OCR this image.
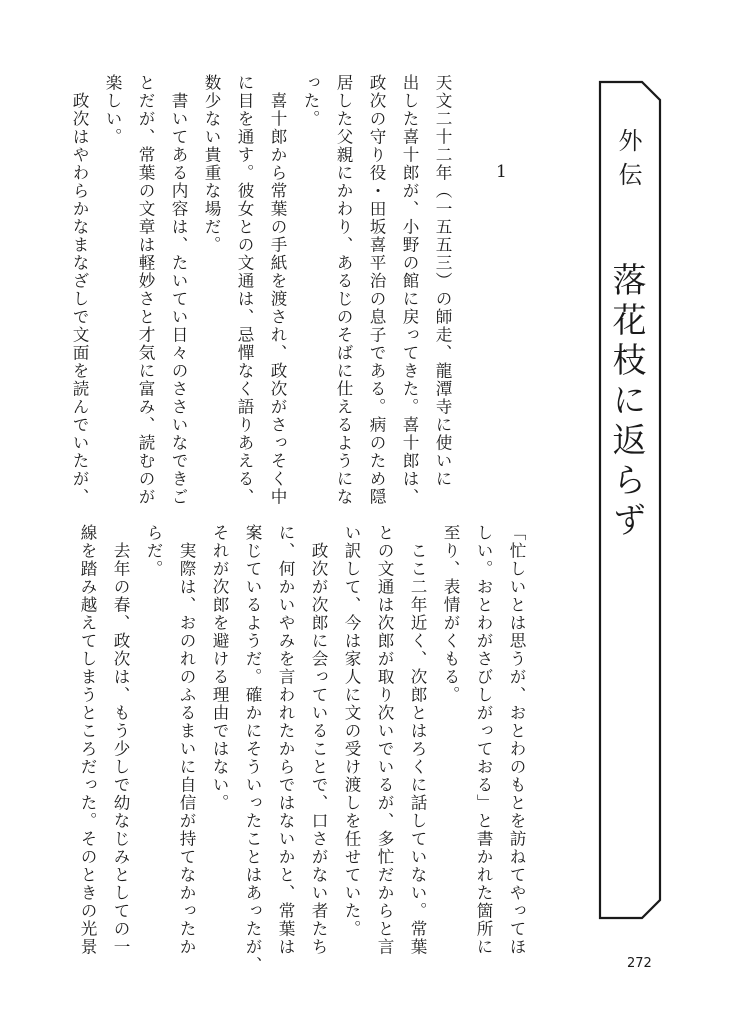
外伝
落花枝に返らず
1
天文二十二年（一五五三）の師走、龍潭寺に使いに
出した喜十郎が、小野の館に戻ってきた。喜十郎は、
政次の守り役・田坂喜平治の息子である。病のため隠
居した父親にかわり、あるじのそばに仕えるようにな
った。
　喜十郎から常葉の手紙を渡され、政次がさっそく中
に目を通す。彼女との文通は、忌憚なく語りあえる、
数少ない貴重な場だ。
　書いてある内容は、たいてい日々のささいなできご
とだが、常葉の文章は軽妙さと才気に富み、読むのが
楽しい。
　政次はやわらかなまなざしで文面を読んでいたが、
「忙しいとは思うが、おとわのもとを訪ねてやってほ
しい。おとわがさびしがっておる」と書かれた箇所に
至り、表情がくもる。
　ここ二年近く、次郎とはろくに話していない。常葉
との文通は次郎が取り次いでいるが、多忙だからと言
い訳して、今は家人に文の受け渡しを任せていた。
　政次が次郎に会っていることで、口さがない者たち
に、何かいやみを言われたからではないかと、常葉は
案じているようだ。確かにそういったことはあったが、
それが次郎を避ける理由ではない。
　実際は、おのれのふるまいに自信が持てなかったか
らだ。
　去年の春、政次は、もう少しで幼なじみとしての一
線を踏み越えてしまうところだった。そのときの光景
272
